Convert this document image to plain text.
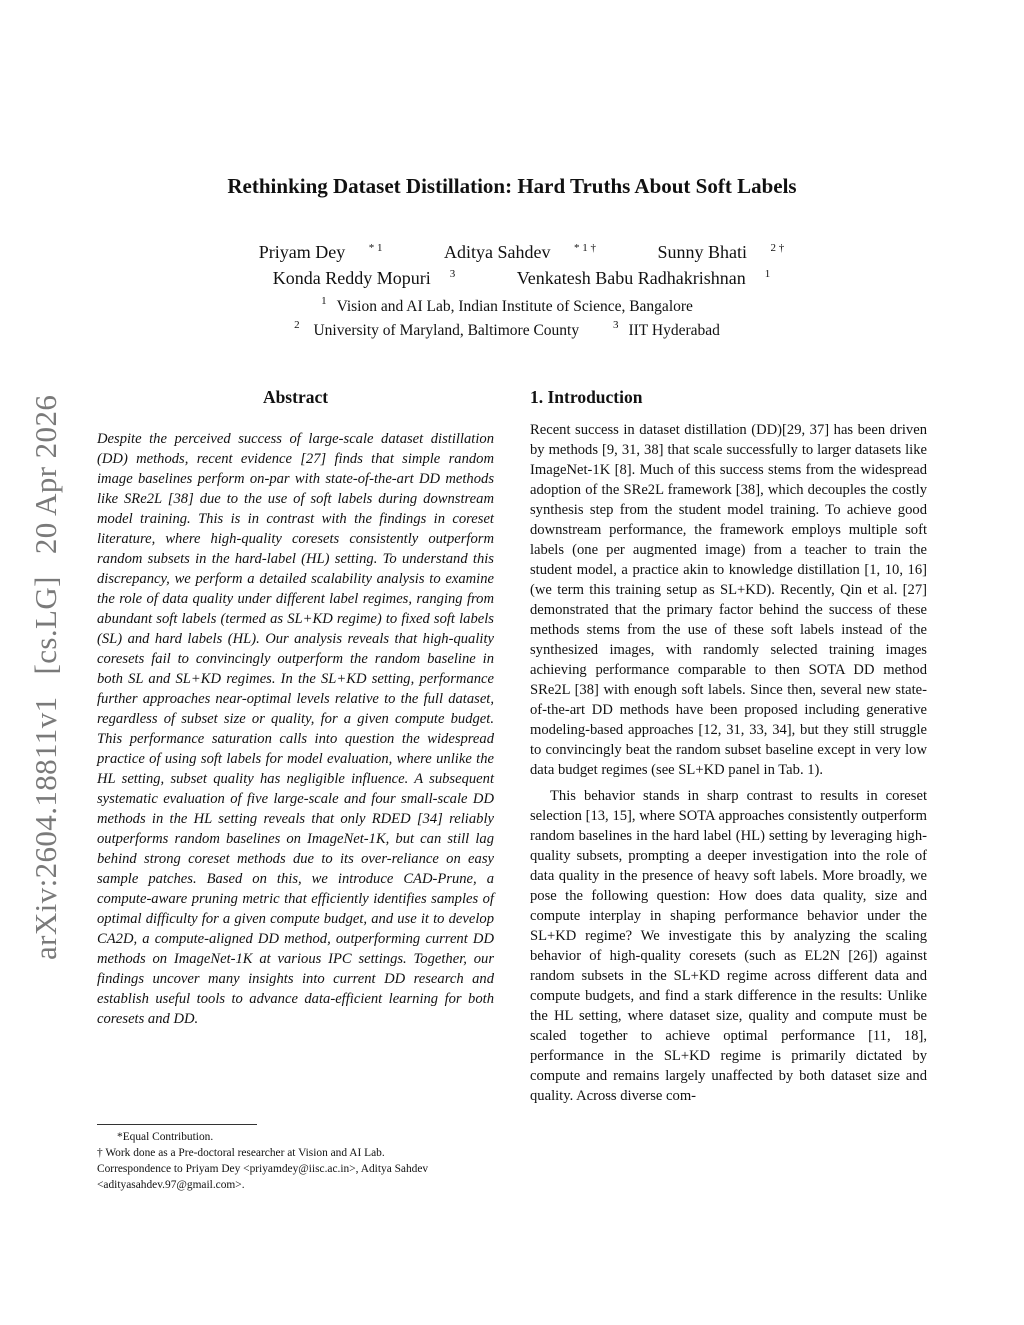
arXiv:2604.18811v1
[cs.LG]
20 Apr 2026
Rethinking Dataset Distillation: Hard Truths About Soft Labels
Priyam Dey $^{* 1}$	Aditya Sahdev $^{* 1 \dagger}$	Sunny Bhati $^{2 \dagger}$
Konda Reddy Mopuri $^3$	Venkatesh Babu Radhakrishnan $^1$
$^1$ Vision and AI Lab, Indian Institute of Science, Bangalore
$^2$ University of Maryland, Baltimore County	$^3$ IIT Hyderabad
Abstract

Despite the perceived success of large-scale dataset distillation (DD) methods, recent evidence [27] finds that simple random image baselines perform on-par with state-of-the-art DD methods like SRe2L [38] due to the use of soft labels during downstream model training. This is in contrast with the findings in coreset literature, where high-quality coresets consistently outperform random subsets in the hard-label (HL) setting. To understand this discrepancy, we perform a detailed scalability analysis to examine the role of data quality under different label regimes, ranging from abundant soft labels (termed as SL+KD regime) to fixed soft labels (SL) and hard labels (HL). Our analysis reveals that high-quality coresets fail to convincingly outperform the random baseline in both SL and SL+KD regimes. In the SL+KD setting, performance further approaches near-optimal levels relative to the full dataset, regardless of subset size or quality, for a given compute budget. This performance saturation calls into question the widespread practice of using soft labels for model evaluation, where unlike the HL setting, subset quality has negligible influence. A subsequent systematic evaluation of five large-scale and four small-scale DD methods in the HL setting reveals that only RDED [34] reliably outperforms random baselines on ImageNet-1K, but can still lag behind strong coreset methods due to its over-reliance on easy sample patches. Based on this, we introduce CAD-Prune, a compute-aware pruning metric that efficiently identifies samples of optimal difficulty for a given compute budget, and use it to develop CA2D, a compute-aligned DD method, outperforming current DD methods on ImageNet-1K at various IPC settings. Together, our findings uncover many insights into current DD research and establish useful tools to advance data-efficient learning for both coresets and DD.

1. Introduction

Recent success in dataset distillation (DD)[29, 37] has been driven by methods [9, 31, 38] that scale successfully to larger datasets like ImageNet-1K [8]. Much of this success stems from the widespread adoption of the SRe2L framework [38], which decouples the costly synthesis step from the student model training. To achieve good downstream performance, the framework employs multiple soft labels (one per augmented image) from a teacher to train the student model, a practice akin to knowledge distillation [1, 10, 16] (we term this training setup as SL+KD). Recently, Qin et al. [27] demonstrated that the primary factor behind the success of these methods stems from the use of these soft labels instead of the synthesized images, with randomly selected training images achieving performance comparable to then SOTA DD method SRe2L [38] with enough soft labels. Since then, several new state-of-the-art DD methods have been proposed including generative modeling-based approaches [12, 31, 33, 34], but they still struggle to convincingly beat the random subset baseline except in very low data budget regimes (see SL+KD panel in Tab. 1).

This behavior stands in sharp contrast to results in coreset selection [13, 15], where SOTA approaches consistently outperform random baselines in the hard label (HL) setting by leveraging high-quality subsets, prompting a deeper investigation into the role of data quality in the presence of heavy soft labels. More broadly, we pose the following question: How does data quality, size and compute interplay in shaping performance behavior under the SL+KD regime? We investigate this by analyzing the scaling behavior of high-quality coresets (such as EL2N [26]) against random subsets in the SL+KD regime across different data and compute budgets, and find a stark difference in the results: Unlike the HL setting, where dataset size, quality and compute must be scaled together to achieve optimal performance [11, 18], performance in the SL+KD regime is primarily dictated by compute and remains largely unaffected by both dataset size and quality. Across diverse com-

*Equal Contribution.

† Work done as a Pre-doctoral researcher at Vision and AI Lab.

Correspondence to Priyam Dey <priyamdey@iisc.ac.in>, Aditya Sahdev <adityasahdev.97@gmail.com>.
